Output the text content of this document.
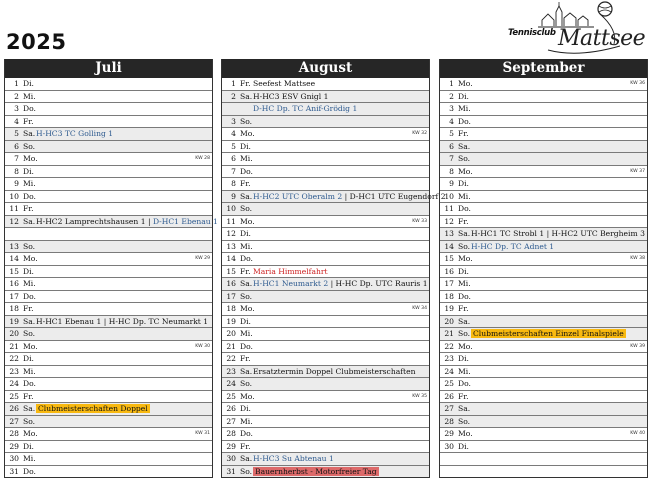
2025	Tennisclub Mattsee
Juli
1 Di.
2 Mi.
3 Do.
4 Fr.
5 Sa. H-HC3 TC Golling 1
6 So.
7 Mo.	KW 28
8 Di.
9 Mi.
10 Do.
11 Fr.
12 Sa. H-HC2 Lamprechtshausen 1 | D-HC1 Ebenau 1
13 So.
14 Mo.	KW 29
15 Di.
16 Mi.
17 Do.
18 Fr.
19 Sa. H-HC1 Ebenau 1 | H-HC Dp. TC Neumarkt 1
20 So.
21 Mo.	KW 30
22 Di.
23 Mi.
24 Do.
25 Fr.
26 Sa. Clubmeisterschaften Doppel
27 So.
28 Mo.	KW 31
29 Di.
30 Mi.
31 Do.
August
1 Fr. Seefest Mattsee
2 Sa. H-HC3 ESV Gnigl 1
D-HC Dp. TC Anif-Grödig 1
3 So.
4 Mo.	KW 32
5 Di.
6 Mi.
7 Do.
8 Fr.
9 Sa. H-HC2 UTC Oberalm 2 | D-HC1 UTC Eugendorf 2
10 So.
11 Mo.	KW 33
12 Di.
13 Mi.
14 Do.
15 Fr. Maria Himmelfahrt
16 Sa. H-HC1 Neumarkt 2 | H-HC Dp. UTC Rauris 1
17 So.
18 Mo.	KW 34
19 Di.
20 Mi.
21 Do.
22 Fr.
23 Sa. Ersatztermin Doppel Clubmeisterschaften
24 So.
25 Mo.	KW 35
26 Di.
27 Mi.
28 Do.
29 Fr.
30 Sa. H-HC3 Su Abtenau 1
31 So. Bauernherbst - Motorfreier Tag
September
1 Mo.	KW 36
2 Di.
3 Mi.
4 Do.
5 Fr.
6 Sa.
7 So.
8 Mo.	KW 37
9 Di.
10 Mi.
11 Do.
12 Fr.
13 Sa. H-HC1 TC Strobl 1 | H-HC2 UTC Bergheim 3
14 So. H-HC Dp. TC Adnet 1
15 Mo.	KW 38
16 Di.
17 Mi.
18 Do.
19 Fr.
20 Sa.
21 So. Clubmeisterschaften Einzel Finalspiele
22 Mo.	KW 39
23 Di.
24 Mi.
25 Do.
26 Fr.
27 Sa.
28 So.
29 Mo.	KW 40
30 Di.
